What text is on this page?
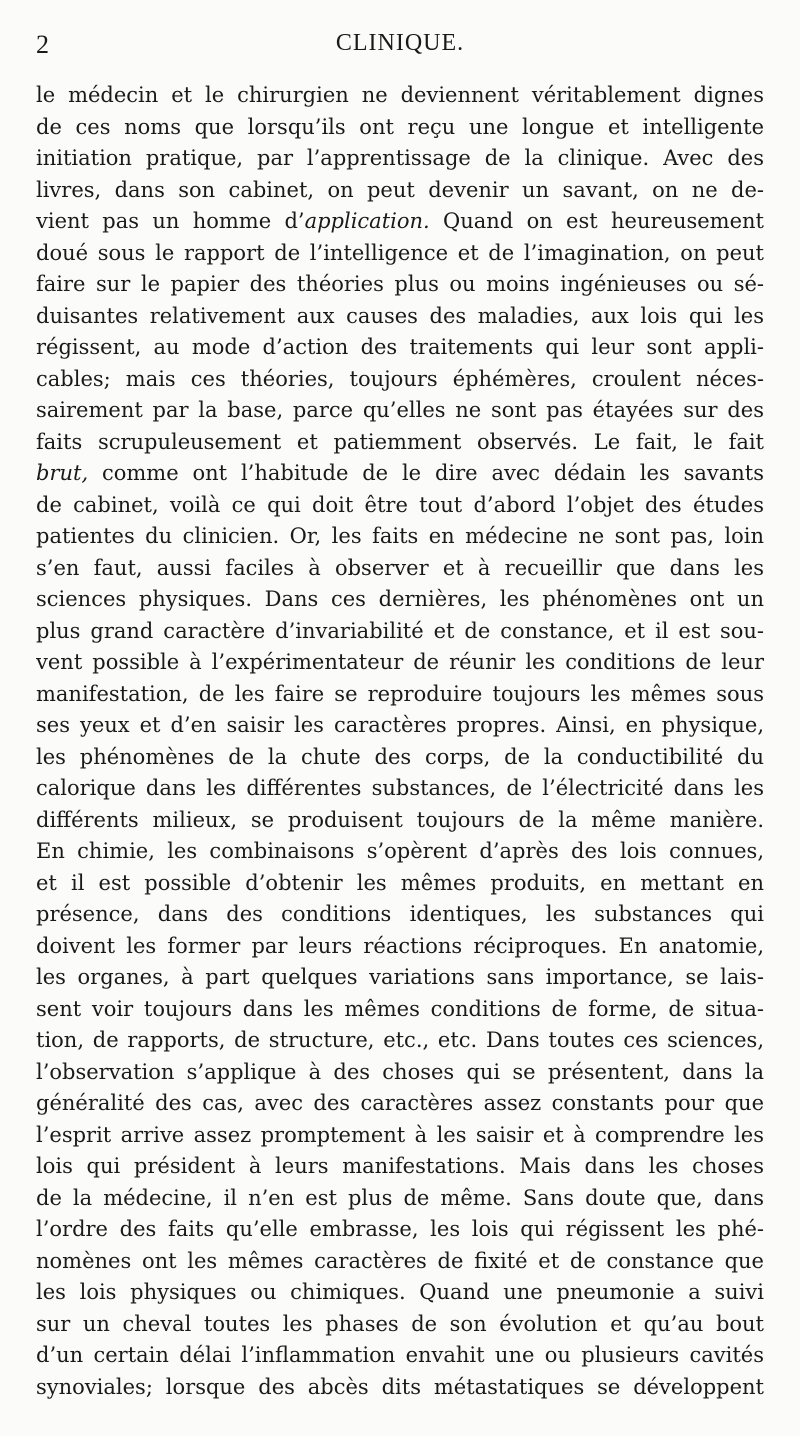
2	CLINIQUE.
le médecin et le chirurgien ne deviennent véritablement dignes
de ces noms que lorsqu’ils ont reçu une longue et intelligente
initiation pratique, par l’apprentissage de la clinique. Avec des
livres, dans son cabinet, on peut devenir un savant, on ne de-
vient pas un homme d’application. Quand on est heureusement
doué sous le rapport de l’intelligence et de l’imagination, on peut
faire sur le papier des théories plus ou moins ingénieuses ou sé-
duisantes relativement aux causes des maladies, aux lois qui les
régissent, au mode d’action des traitements qui leur sont appli-
cables; mais ces théories, toujours éphémères, croulent néces-
sairement par la base, parce qu’elles ne sont pas étayées sur des
faits scrupuleusement et patiemment observés. Le fait, le fait
brut, comme ont l’habitude de le dire avec dédain les savants
de cabinet, voilà ce qui doit être tout d’abord l’objet des études
patientes du clinicien. Or, les faits en médecine ne sont pas, loin
s’en faut, aussi faciles à observer et à recueillir que dans les
sciences physiques. Dans ces dernières, les phénomènes ont un
plus grand caractère d’invariabilité et de constance, et il est sou-
vent possible à l’expérimentateur de réunir les conditions de leur
manifestation, de les faire se reproduire toujours les mêmes sous
ses yeux et d’en saisir les caractères propres. Ainsi, en physique,
les phénomènes de la chute des corps, de la conductibilité du
calorique dans les différentes substances, de l’électricité dans les
différents milieux, se produisent toujours de la même manière.
En chimie, les combinaisons s’opèrent d’après des lois connues,
et il est possible d’obtenir les mêmes produits, en mettant en
présence, dans des conditions identiques, les substances qui
doivent les former par leurs réactions réciproques. En anatomie,
les organes, à part quelques variations sans importance, se lais-
sent voir toujours dans les mêmes conditions de forme, de situa-
tion, de rapports, de structure, etc., etc. Dans toutes ces sciences,
l’observation s’applique à des choses qui se présentent, dans la
généralité des cas, avec des caractères assez constants pour que
l’esprit arrive assez promptement à les saisir et à comprendre les
lois qui président à leurs manifestations. Mais dans les choses
de la médecine, il n’en est plus de même. Sans doute que, dans
l’ordre des faits qu’elle embrasse, les lois qui régissent les phé-
nomènes ont les mêmes caractères de fixité et de constance que
les lois physiques ou chimiques. Quand une pneumonie a suivi
sur un cheval toutes les phases de son évolution et qu’au bout
d’un certain délai l’inflammation envahit une ou plusieurs cavités
synoviales; lorsque des abcès dits métastatiques se développent
